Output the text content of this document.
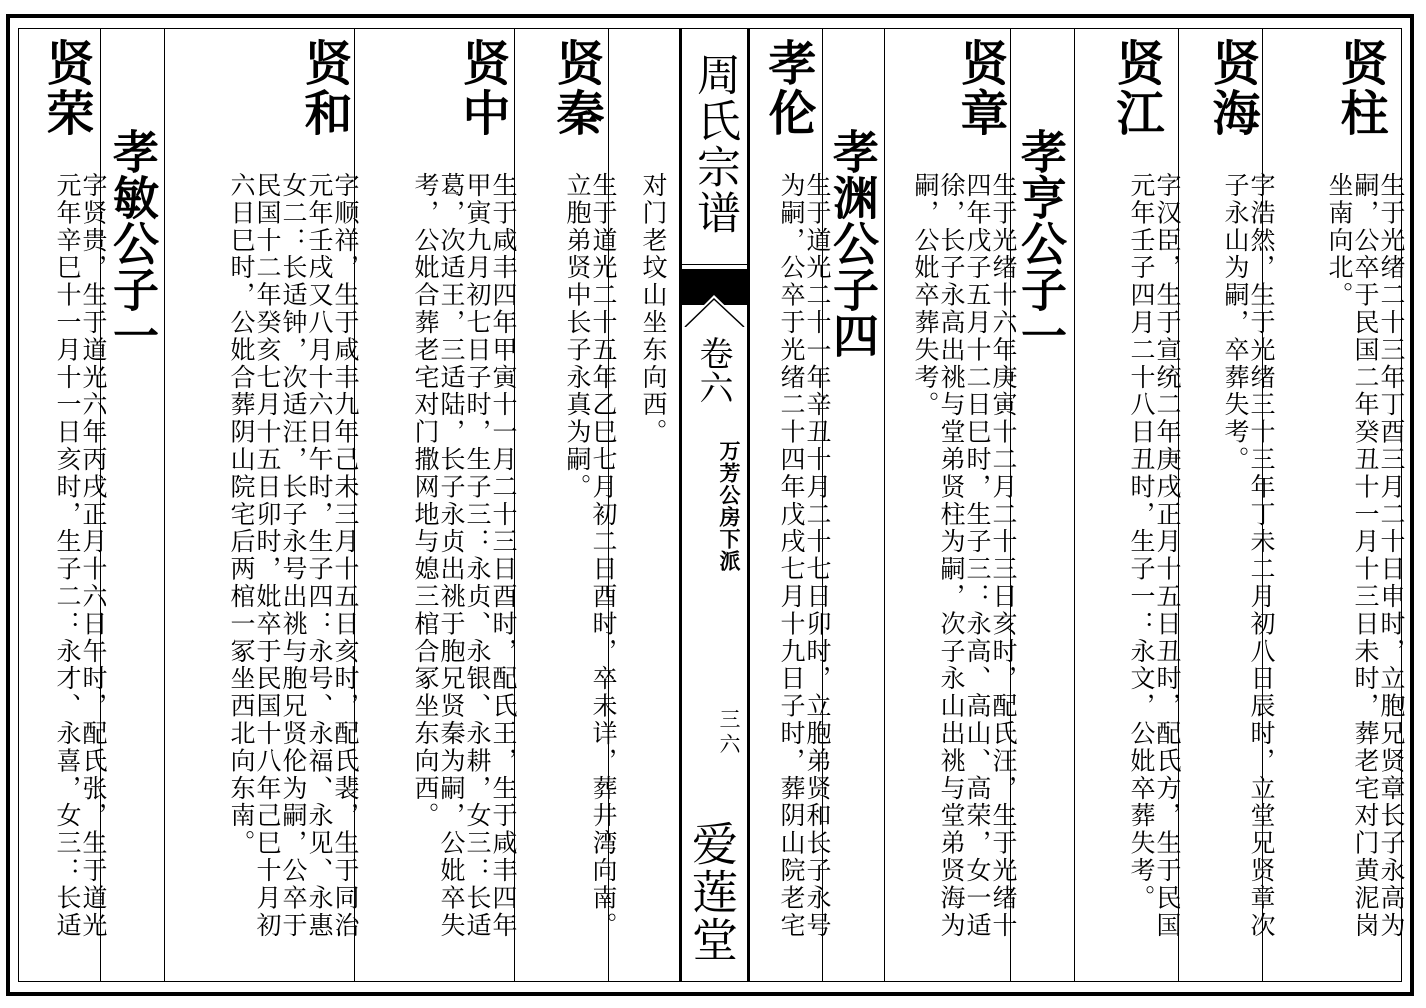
周氏宗谱
卷六
万芳公房下派
三六
爱莲堂
贤柱
生于光绪二十三年丁酉三月二十日申时，立胞兄贤章长子永高为
嗣，公卒于民国二年癸丑十一月十三日未时，葬老宅对门黄泥岗
坐南向北。
贤海
字浩然，生于光绪三十三年丁未二月初八日辰时，立堂兄贤章次
子永山为嗣，卒葬失考。
贤江
字汉臣，生于宣统二年庚戌正月十五日丑时，配氏方，生于民国
元年壬子四月二十八日丑时，生子一：永文，公妣卒葬失考。
孝亨公子一
贤章
生于光绪十六年庚寅十二月二十三日亥时，配氏汪，生于光绪十
四年戊子五月十二日巳时，生子三：永高、高山、高荣，女一适
徐，长子永高出祧与堂弟贤柱为嗣，次子永山出祧与堂弟贤海为
嗣，公妣卒葬失考。
孝渊公子四
孝伦
生于道光二十一年辛丑十月二十七日卯时，立胞弟贤和长子永号
为嗣，公卒于光绪二十四年戊戌七月十九日子时，葬阴山院老宅
对门老坟山坐东向西。
贤秦
生于道光二十五年乙巳七月初二日酉时，卒未详，葬井湾向南。
立胞弟贤中长子永真为嗣。
贤中
生于咸丰四年甲寅十一月二十三日酉时，配氏王，生于咸丰四年
甲寅九月初七日子时，生子三：永贞、永银、永耕，女三：长适
葛，次适王，三适陆，长子永贞出祧于胞兄贤秦为嗣，公妣卒失
考，公妣合葬老宅对门撒网地与媳三棺合冢坐东向西。
贤和
字顺祥，生于咸丰九年己未三月十五日亥时，配氏裴，生于同治
元年壬戌又八月十六日午时，生子四：永号、永福、永见、永惠
女二：长适钟，次适汪，长子永号出祧与胞兄贤伦为嗣，公卒于
民国十二年癸亥七月十五日卯时，妣卒于民国十八年己巳十月初
六日巳时，公妣合葬阴山院宅后两棺一冢坐西北向东南。
孝敏公子一
贤荣
字贤贵，生于道光六年丙戌正月十六日午时，配氏张，生于道光
元年辛巳十一月十一日亥时，生子二：永才、永喜，女三：长适
